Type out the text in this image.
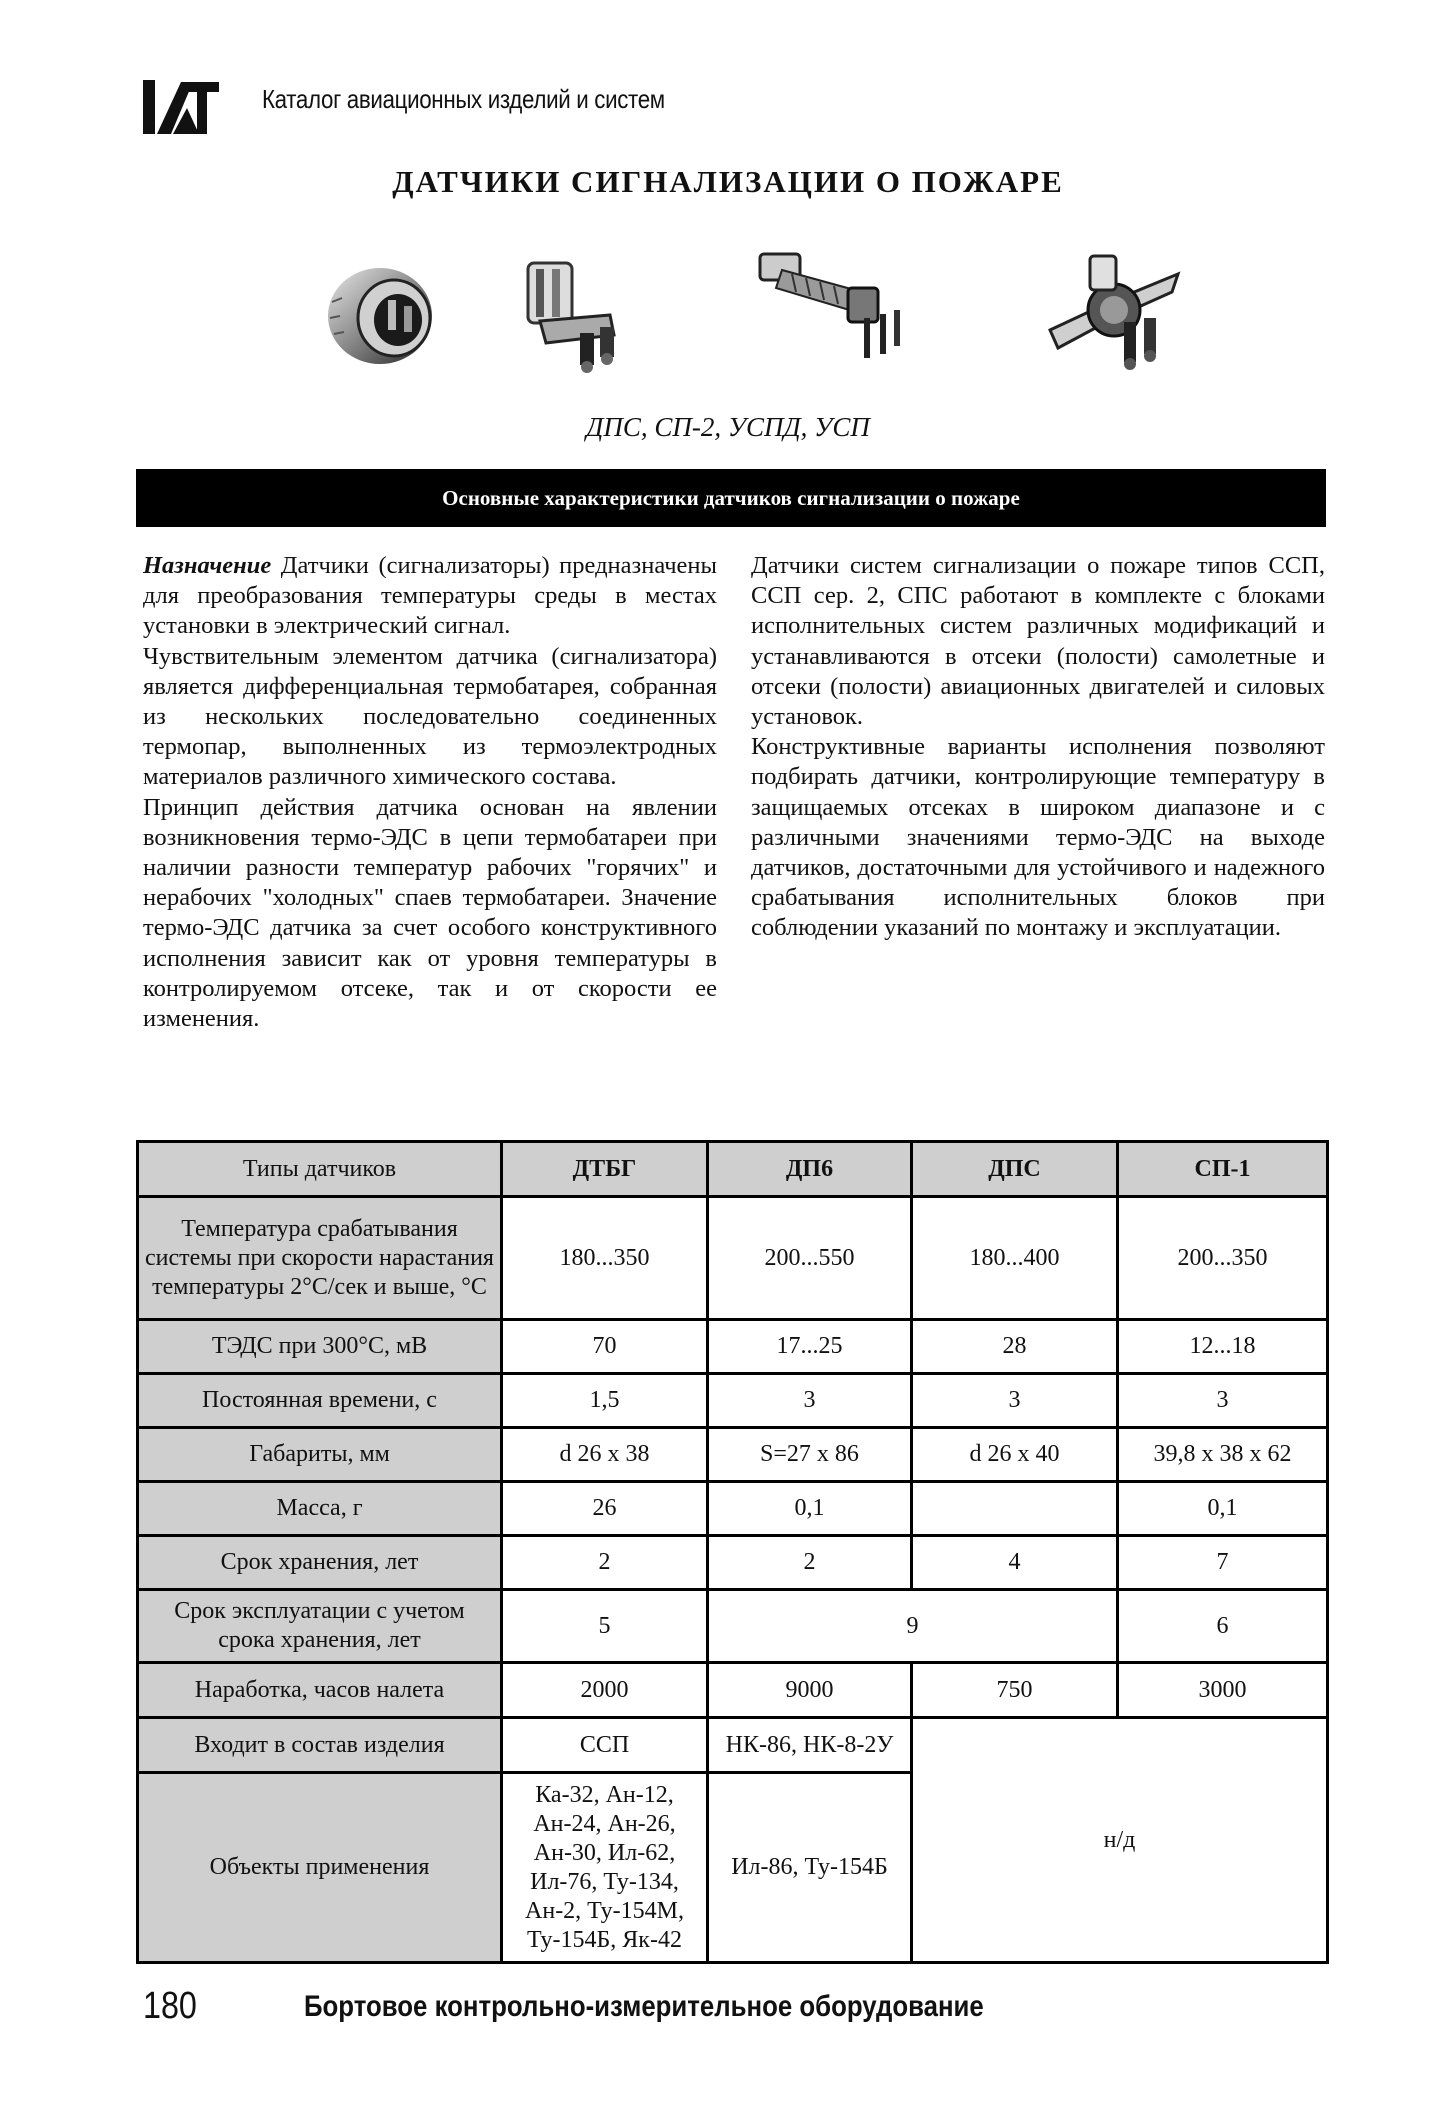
Каталог авиационных изделий и систем
ДАТЧИКИ СИГНАЛИЗАЦИИ О ПОЖАРЕ
ДПС, СП-2, УСПД, УСП
Основные характеристики датчиков сигнализации о пожаре

Назначение Датчики (сигнализаторы) предназначены для преобразования температуры среды в местах установки в электрический сигнал.

Чувствительным элементом датчика (сигнализатора) является дифференциальная термобатарея, собранная из нескольких последовательно соединенных термопар, выполненных из термоэлектродных материалов различного химического состава.

Принцип действия датчика основан на явлении возникновения термо-ЭДС в цепи термобатареи при наличии разности температур рабочих "горячих" и нерабочих "холодных" спаев термобатареи. Значение термо-ЭДС датчика за счет особого конструктивного исполнения зависит как от уровня температуры в контролируемом отсеке, так и от скорости ее изменения.

Датчики систем сигнализации о пожаре типов ССП, ССП сер. 2, СПС работают в комплекте с блоками исполнительных систем различных модификаций и устанавливаются в отсеки (полости) самолетные и отсеки (полости) авиационных двигателей и силовых установок.

Конструктивные варианты исполнения позволяют подбирать датчики, контролирующие температуру в защищаемых отсеках в широком диапазоне и с различными значениями термо-ЭДС на выходе датчиков, достаточными для устойчивого и надежного срабатывания исполнительных блоков при соблюдении указаний по монтажу и эксплуатации.

Типы датчиков	ДТБГ	ДП6	ДПС	СП-1
Температура срабатывания системы при скорости нарастания температуры 2°С/сек и выше, °С	180...350	200...550	180...400	200...350
ТЭДС при 300°С, мВ	70	17...25	28	12...18
Постоянная времени, с	1,5	3	3	3
Габариты, мм	d 26 x 38	S=27 x 86	d 26 x 40	39,8 x 38 x 62
Масса, г	26	0,1		0,1
Срок хранения, лет	2	2	4	7
Срок эксплуатации с учетом срока хранения, лет	5	9		6
Наработка, часов налета	2000	9000	750	3000
Входит в состав изделия	ССП	НК-86, НК-8-2У	н/д	
Объекты применения	Ка-32, Ан-12, Ан-24, Ан-26, Ан-30, Ил-62, Ил-76, Ту-134, Ан-2, Ту-154М, Ту-154Б, Як-42	Ил-86, Ту-154Б		
180	Бортовое контрольно-измерительное оборудование
